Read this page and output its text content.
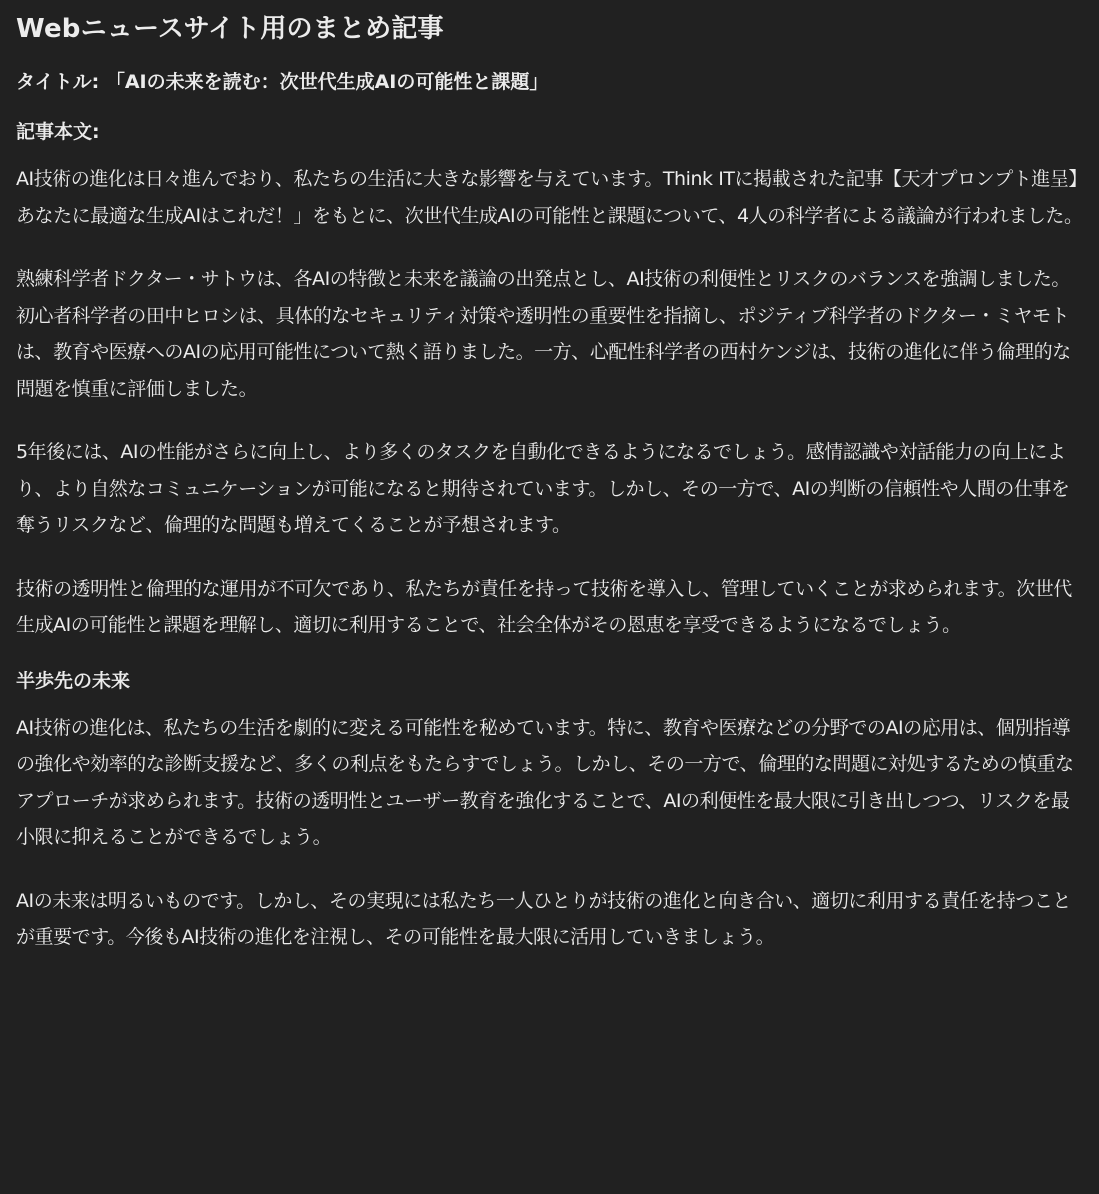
Webニュースサイト用のまとめ記事
タイトル: 「AIの未来を読む：次世代生成AIの可能性と課題」
記事本文:

AI技術の進化は日々進んでおり、私たちの生活に大きな影響を与えています。Think ITに掲載された記事【天才プロンプト進呈】あなたに最適な生成AIはこれだ！」をもとに、次世代生成AIの可能性と課題について、4人の科学者による議論が行われました。

熟練科学者ドクター・サトウは、各AIの特徴と未来を議論の出発点とし、AI技術の利便性とリスクのバランスを強調しました。初心者科学者の田中ヒロシは、具体的なセキュリティ対策や透明性の重要性を指摘し、ポジティブ科学者のドクター・ミヤモトは、教育や医療へのAIの応用可能性について熱く語りました。一方、心配性科学者の西村ケンジは、技術の進化に伴う倫理的な問題を慎重に評価しました。

5年後には、AIの性能がさらに向上し、より多くのタスクを自動化できるようになるでしょう。感情認識や対話能力の向上により、より自然なコミュニケーションが可能になると期待されています。しかし、その一方で、AIの判断の信頼性や人間の仕事を奪うリスクなど、倫理的な問題も増えてくることが予想されます。

技術の透明性と倫理的な運用が不可欠であり、私たちが責任を持って技術を導入し、管理していくことが求められます。次世代生成AIの可能性と課題を理解し、適切に利用することで、社会全体がその恩恵を享受できるようになるでしょう。

半歩先の未来

AI技術の進化は、私たちの生活を劇的に変える可能性を秘めています。特に、教育や医療などの分野でのAIの応用は、個別指導の強化や効率的な診断支援など、多くの利点をもたらすでしょう。しかし、その一方で、倫理的な問題に対処するための慎重なアプローチが求められます。技術の透明性とユーザー教育を強化することで、AIの利便性を最大限に引き出しつつ、リスクを最小限に抑えることができるでしょう。

AIの未来は明るいものです。しかし、その実現には私たち一人ひとりが技術の進化と向き合い、適切に利用する責任を持つことが重要です。今後もAI技術の進化を注視し、その可能性を最大限に活用していきましょう。
